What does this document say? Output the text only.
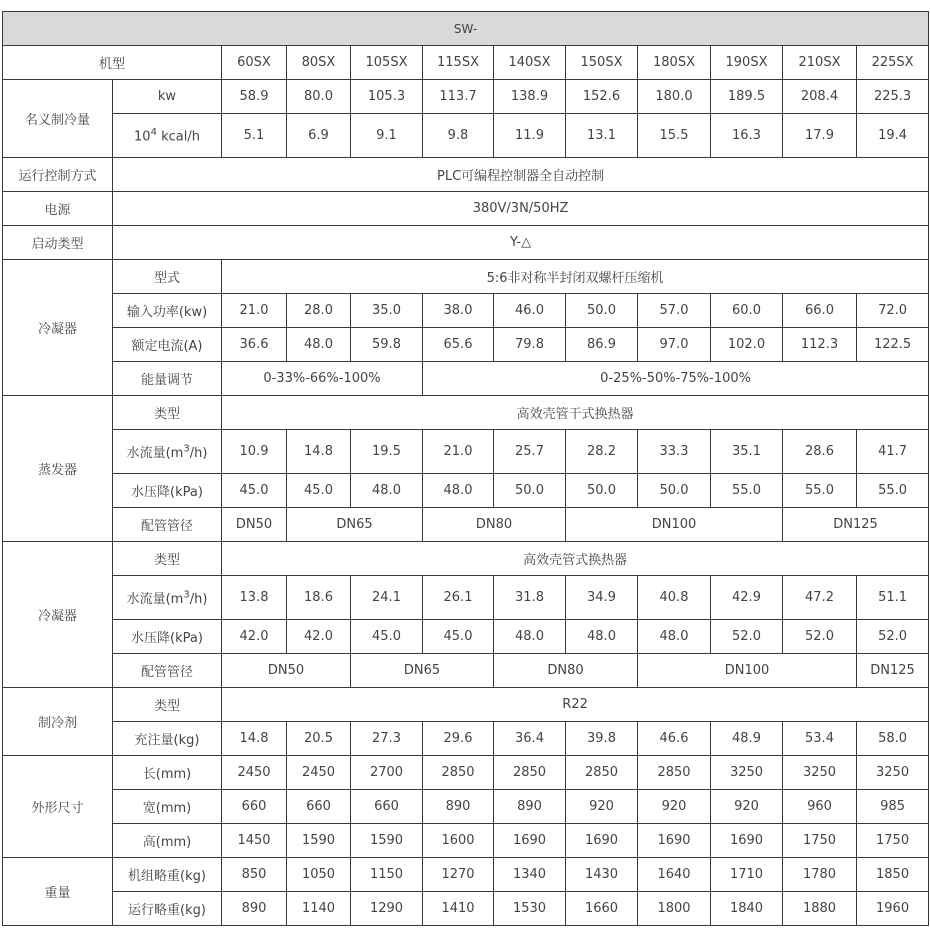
SW-											
机型		60SX	80SX	105SX	115SX	140SX	150SX	180SX	190SX	210SX	225SX
名义制冷量	kw	58.9	80.0	105.3	113.7	138.9	152.6	180.0	189.5	208.4	225.3
	$10^4$ kcal/h	5.1	6.9	9.1	9.8	11.9	13.1	15.5	16.3	17.9	19.4
运行控制方式	PLC可编程控制器全自动控制										
电源	380V/3N/50HZ										
启动类型	Y-△										
冷凝器	型式	5:6非对称半封闭双螺杆压缩机									
	输入功率(kw)	21.0	28.0	35.0	38.0	46.0	50.0	57.0	60.0	66.0	72.0
	额定电流(A)	36.6	48.0	59.8	65.6	79.8	86.9	97.0	102.0	112.3	122.5
	能量调节	0-33%-66%-100%			0-25%-50%-75%-100%						
蒸发器	类型	高效壳管干式换热器									
	水流量$(m^3/h)$	10.9	14.8	19.5	21.0	25.7	28.2	33.3	35.1	28.6	41.7
	水压降(kPa)	45.0	45.0	48.0	48.0	50.0	50.0	50.0	55.0	55.0	55.0
	配管管径	DN50	DN65		DN80		DN100			DN125	
冷凝器	类型	高效壳管式换热器									
	水流量$(m^3/h)$	13.8	18.6	24.1	26.1	31.8	34.9	40.8	42.9	47.2	51.1
	水压降(kPa)	42.0	42.0	45.0	45.0	48.0	48.0	48.0	52.0	52.0	52.0
	配管管径	DN50		DN65		DN80		DN100			DN125
制冷剂	类型	R22									
	充注量(kg)	14.8	20.5	27.3	29.6	36.4	39.8	46.6	48.9	53.4	58.0
外形尺寸	长(mm)	2450	2450	2700	2850	2850	2850	2850	3250	3250	3250
	宽(mm)	660	660	660	890	890	920	920	920	960	985
	高(mm)	1450	1590	1590	1600	1690	1690	1690	1690	1750	1750
重量	机组略重(kg)	850	1050	1150	1270	1340	1430	1640	1710	1780	1850
	运行略重(kg)	890	1140	1290	1410	1530	1660	1800	1840	1880	1960
